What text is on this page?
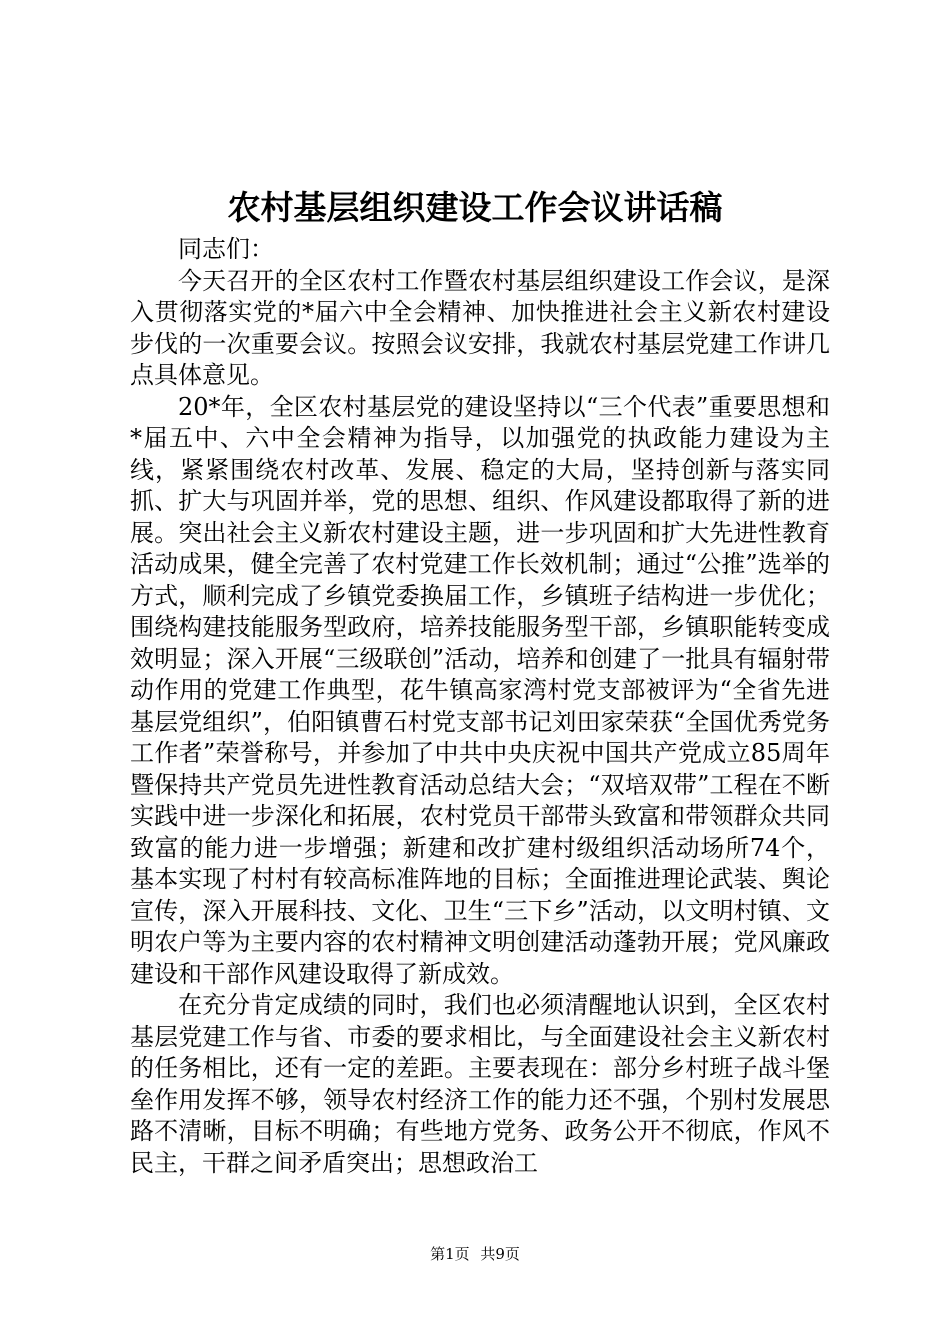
农村基层组织建设工作会议讲话稿

同志们：

今天召开的全区农村工作暨农村基层组织建设工作会议，是深入贯彻落实党的*届六中全会精神、加快推进社会主义新农村建设步伐的一次重要会议。按照会议安排，我就农村基层党建工作讲几点具体意见。

20*年，全区农村基层党的建设坚持以“三个代表”重要思想和*届五中、六中全会精神为指导，以加强党的执政能力建设为主线，紧紧围绕农村改革、发展、稳定的大局，坚持创新与落实同抓、扩大与巩固并举，党的思想、组织、作风建设都取得了新的进展。突出社会主义新农村建设主题，进一步巩固和扩大先进性教育活动成果，健全完善了农村党建工作长效机制；通过“公推”选举的方式，顺利完成了乡镇党委换届工作，乡镇班子结构进一步优化；围绕构建技能服务型政府，培养技能服务型干部，乡镇职能转变成效明显；深入开展“三级联创”活动，培养和创建了一批具有辐射带动作用的党建工作典型，花牛镇高家湾村党支部被评为“全省先进基层党组织”，伯阳镇曹石村党支部书记刘田家荣获“全国优秀党务工作者”荣誉称号，并参加了中共中央庆祝中国共产党成立85周年暨保持共产党员先进性教育活动总结大会；“双培双带”工程在不断实践中进一步深化和拓展，农村党员干部带头致富和带领群众共同致富的能力进一步增强；新建和改扩建村级组织活动场所74个，基本实现了村村有较高标准阵地的目标；全面推进理论武装、舆论宣传，深入开展科技、文化、卫生“三下乡”活动，以文明村镇、文明农户等为主要内容的农村精神文明创建活动蓬勃开展；党风廉政建设和干部作风建设取得了新成效。

在充分肯定成绩的同时，我们也必须清醒地认识到，全区农村基层党建工作与省、市委的要求相比，与全面建设社会主义新农村的任务相比，还有一定的差距。主要表现在：部分乡村班子战斗堡垒作用发挥不够，领导农村经济工作的能力还不强，个别村发展思路不清晰，目标不明确；有些地方党务、政务公开不彻底，作风不民主，干群之间矛盾突出；思想政治工

第1页 共9页
